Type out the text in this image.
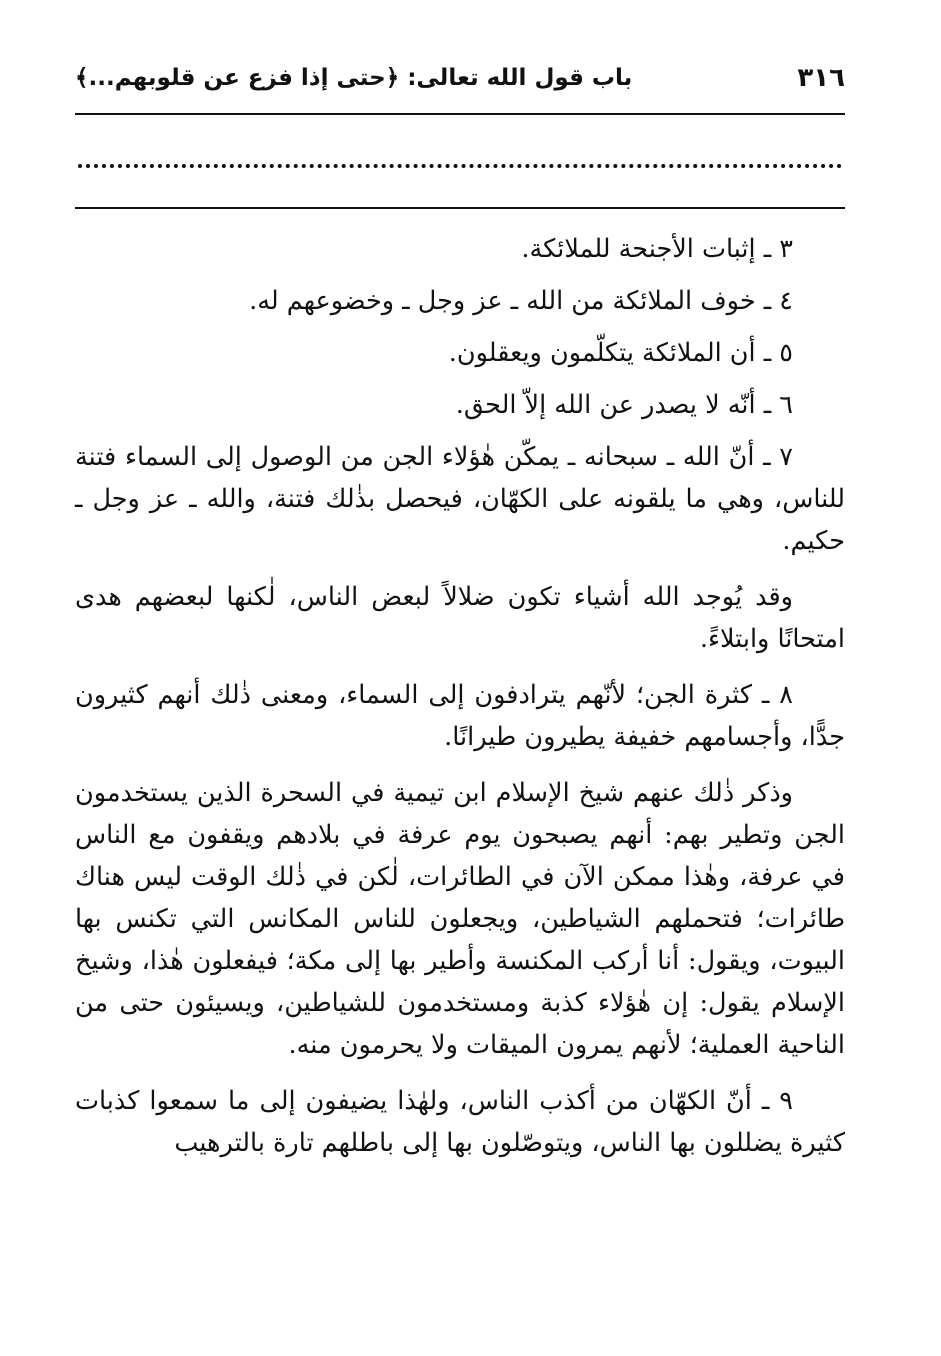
٣١٦
باب قول الله تعالى: ﴿حتى إذا فزع عن قلوبهم...﴾

٣ ـ إثبات الأجنحة للملائكة.

٤ ـ خوف الملائكة من الله ـ عز وجل ـ وخضوعهم له.

٥ ـ أن الملائكة يتكلّمون ويعقلون.

٦ ـ أنّه لا يصدر عن الله إلاّ الحق.

٧ ـ أنّ الله ـ سبحانه ـ يمكّن هٰؤلاء الجن من الوصول إلى السماء فتنة للناس، وهي ما يلقونه على الكهّان، فيحصل بذٰلك فتنة، والله ـ عز وجل ـ حكيم.

وقد يُوجد الله أشياء تكون ضلالاً لبعض الناس، لٰكنها لبعضهم هدى امتحانًا وابتلاءً.

٨ ـ كثرة الجن؛ لأنّهم يترادفون إلى السماء، ومعنى ذٰلك أنهم كثيرون جدًّا، وأجسامهم خفيفة يطيرون طيرانًا.

وذكر ذٰلك عنهم شيخ الإسلام ابن تيمية في السحرة الذين يستخدمون الجن وتطير بهم: أنهم يصبحون يوم عرفة في بلادهم ويقفون مع الناس في عرفة، وهٰذا ممكن الآن في الطائرات، لٰكن في ذٰلك الوقت ليس هناك طائرات؛ فتحملهم الشياطين، ويجعلون للناس المكانس التي تكنس بها البيوت، ويقول: أنا أركب المكنسة وأطير بها إلى مكة؛ فيفعلون هٰذا، وشيخ الإسلام يقول: إن هٰؤلاء كذبة ومستخدمون للشياطين، ويسيئون حتى من الناحية العملية؛ لأنهم يمرون الميقات ولا يحرمون منه.

٩ ـ أنّ الكهّان من أكذب الناس، ولهٰذا يضيفون إلى ما سمعوا كذبات كثيرة يضللون بها الناس، ويتوصّلون بها إلى باطلهم تارة بالترهيب
